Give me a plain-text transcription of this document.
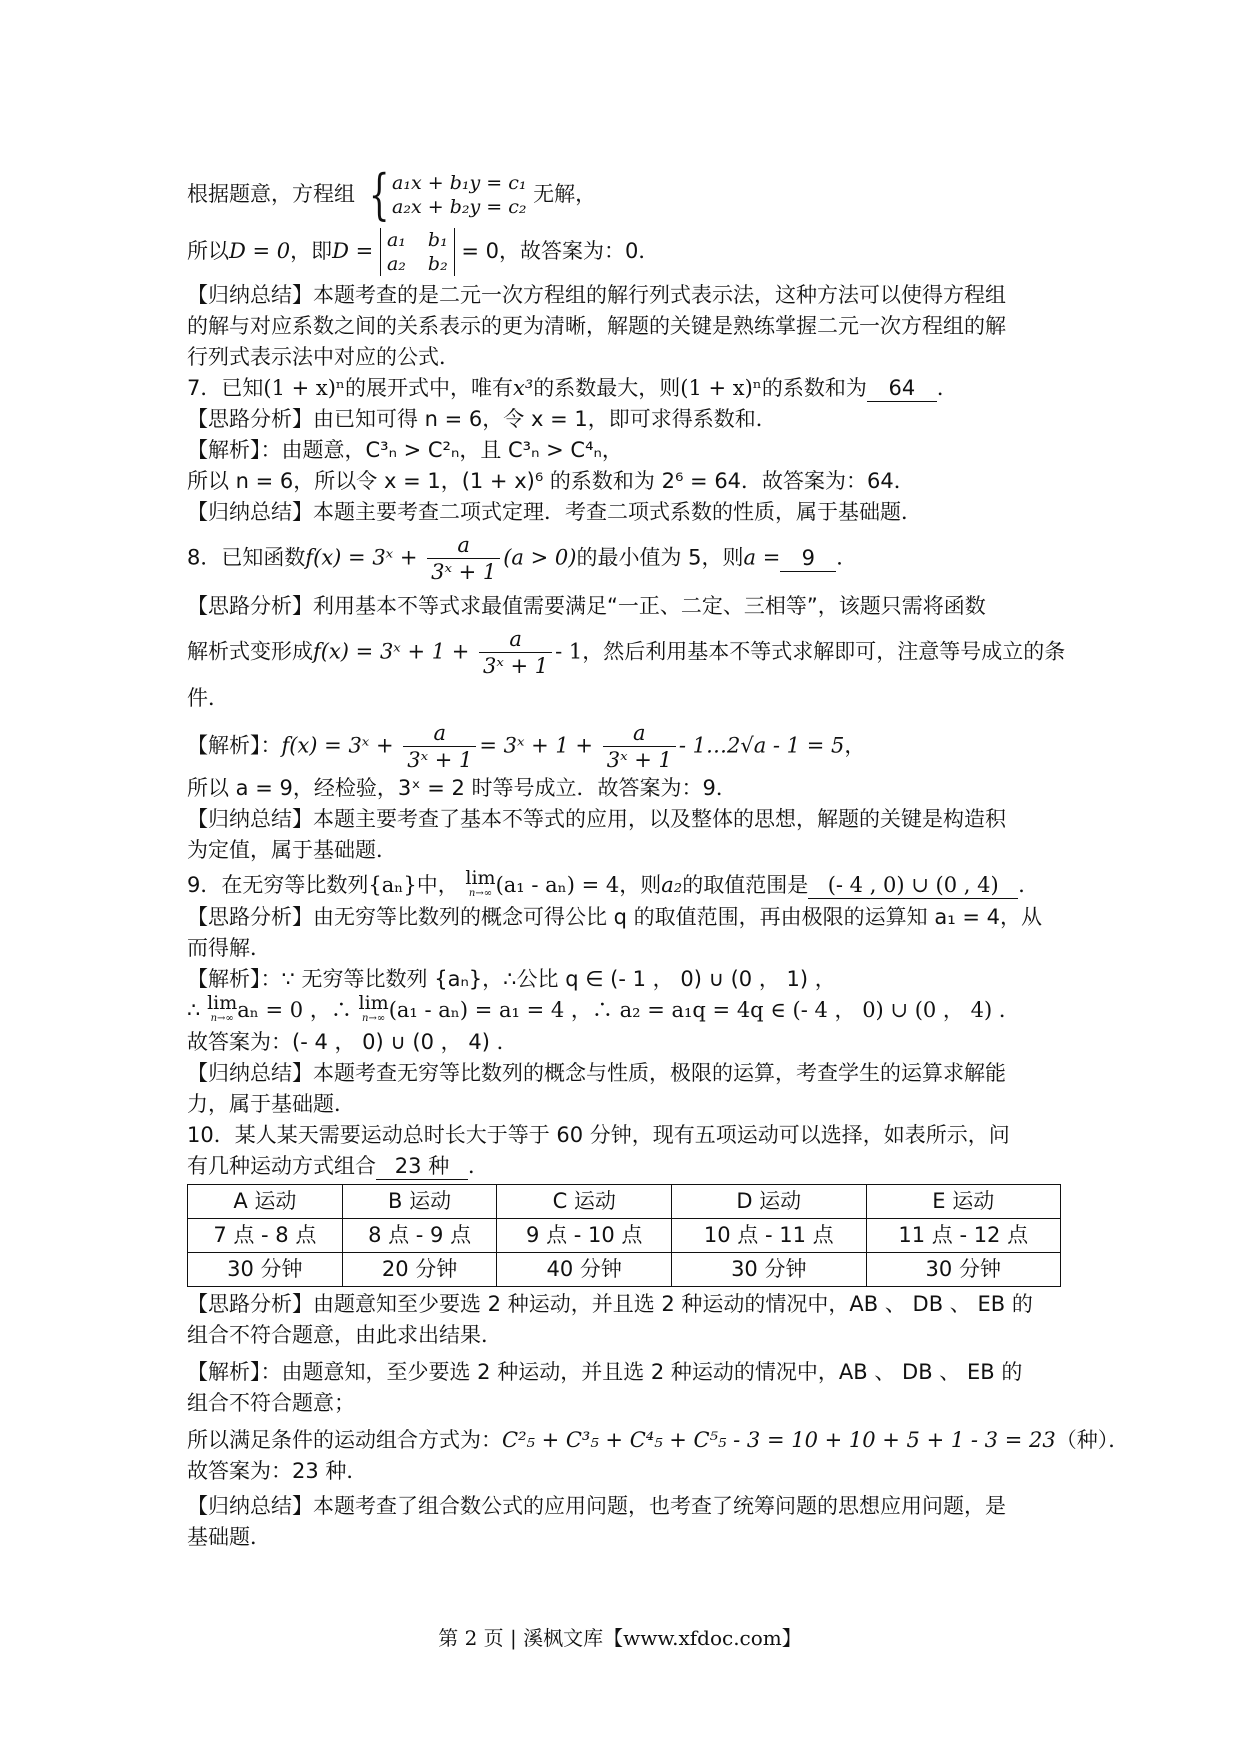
根据题意，方程组 { a₁x + b₁y = c₁
a₂x + b₂y = c₂
无解，

所以D = 0，即D = a₁ b₁
a₂ b₂
= 0，故答案为：0．

【归纳总结】本题考查的是二元一次方程组的解行列式表示法，这种方法可以使得方程组

的解与对应系数之间的关系表示的更为清晰，解题的关键是熟练掌握二元一次方程组的解

行列式表示法中对应的公式．

7．已知(1 + x)ⁿ的展开式中，唯有x³的系数最大，则(1 + x)ⁿ的系数和为 64 ．

【思路分析】由已知可得 n = 6，令 x = 1，即可求得系数和．

【解析】：由题意，C³ₙ > C²ₙ，且 C³ₙ > C⁴ₙ，

所以 n = 6，所以令 x = 1，(1 + x)⁶ 的系数和为 2⁶ = 64．故答案为：64．

【归纳总结】本题主要考查二项式定理．考查二项式系数的性质，属于基础题．

8．已知函数f(x) = 3ˣ + $\frac{a}{\text{3ˣ + 1}} (a > 0)$的最小值为 5，则a = 9 ．

【思路分析】利用基本不等式求最值需要满足“一正、二定、三相等”，该题只需将函数

解析式变形成f(x) = 3ˣ + $1 + \frac{a}{\text{3ˣ + 1}} - 1$，然后利用基本不等式求解即可，注意等号成立的条

件．

【解析】：f(x) = 3ˣ + $\frac{a}{\text{3ˣ + 1}}$ = 3ˣ + $1 + \frac{a}{\text{3ˣ + 1}}$ - 1…2√a - 1 = 5，

所以 a = 9，经检验，3ˣ = 2 时等号成立．故答案为：9．

【归纳总结】本题主要考查了基本不等式的应用，以及整体的思想，解题的关键是构造积

为定值，属于基础题．

9．在无穷等比数列{aₙ}中， lim
n→∞ (a₁ - aₙ) = 4，则a₂的取值范围是 (- 4 , 0) ∪ (0 , 4) ．

【思路分析】由无穷等比数列的概念可得公比 q 的取值范围，再由极限的运算知 a₁ = 4，从

而得解．

【解析】：∵ 无穷等比数列 {aₙ}，∴公比 q ∈ (- 1 ， 0) ∪ (0 ， 1) ，

∴ lim
n→∞ aₙ = 0 ，∴ lim
n→∞ (a₁ - aₙ) = a₁ = 4 ，∴ a₂ = a₁q = 4q ∈ (- 4 ， 0) ∪ (0 ， 4) ．

故答案为：(- 4 ， 0) ∪ (0 ， 4) ．

【归纳总结】本题考查无穷等比数列的概念与性质，极限的运算，考查学生的运算求解能

力，属于基础题．

10．某人某天需要运动总时长大于等于 60 分钟，现有五项运动可以选择，如表所示，问

有几种运动方式组合 23 种 ．

A 运动	B 运动	C 运动	D 运动	E 运动
7 点 - 8 点	8 点 - 9 点	9 点 - 10 点	10 点 - 11 点	11 点 - 12 点
30 分钟	20 分钟	40 分钟	30 分钟	30 分钟

【思路分析】由题意知至少要选 2 种运动，并且选 2 种运动的情况中，AB 、 DB 、 EB 的

组合不符合题意，由此求出结果．

【解析】：由题意知，至少要选 2 种运动，并且选 2 种运动的情况中，AB 、 DB 、 EB 的

组合不符合题意；

所以满足条件的运动组合方式为：C²₅ + C³₅ + C⁴₅ + C⁵₅ - 3 = 10 + 10 + 5 + 1 - 3 = 23（种）．

故答案为：23 种．

【归纳总结】本题考查了组合数公式的应用问题，也考查了统筹问题的思想应用问题，是

基础题．

第 2 页 | 溪枫文库【www.xfdoc.com】
